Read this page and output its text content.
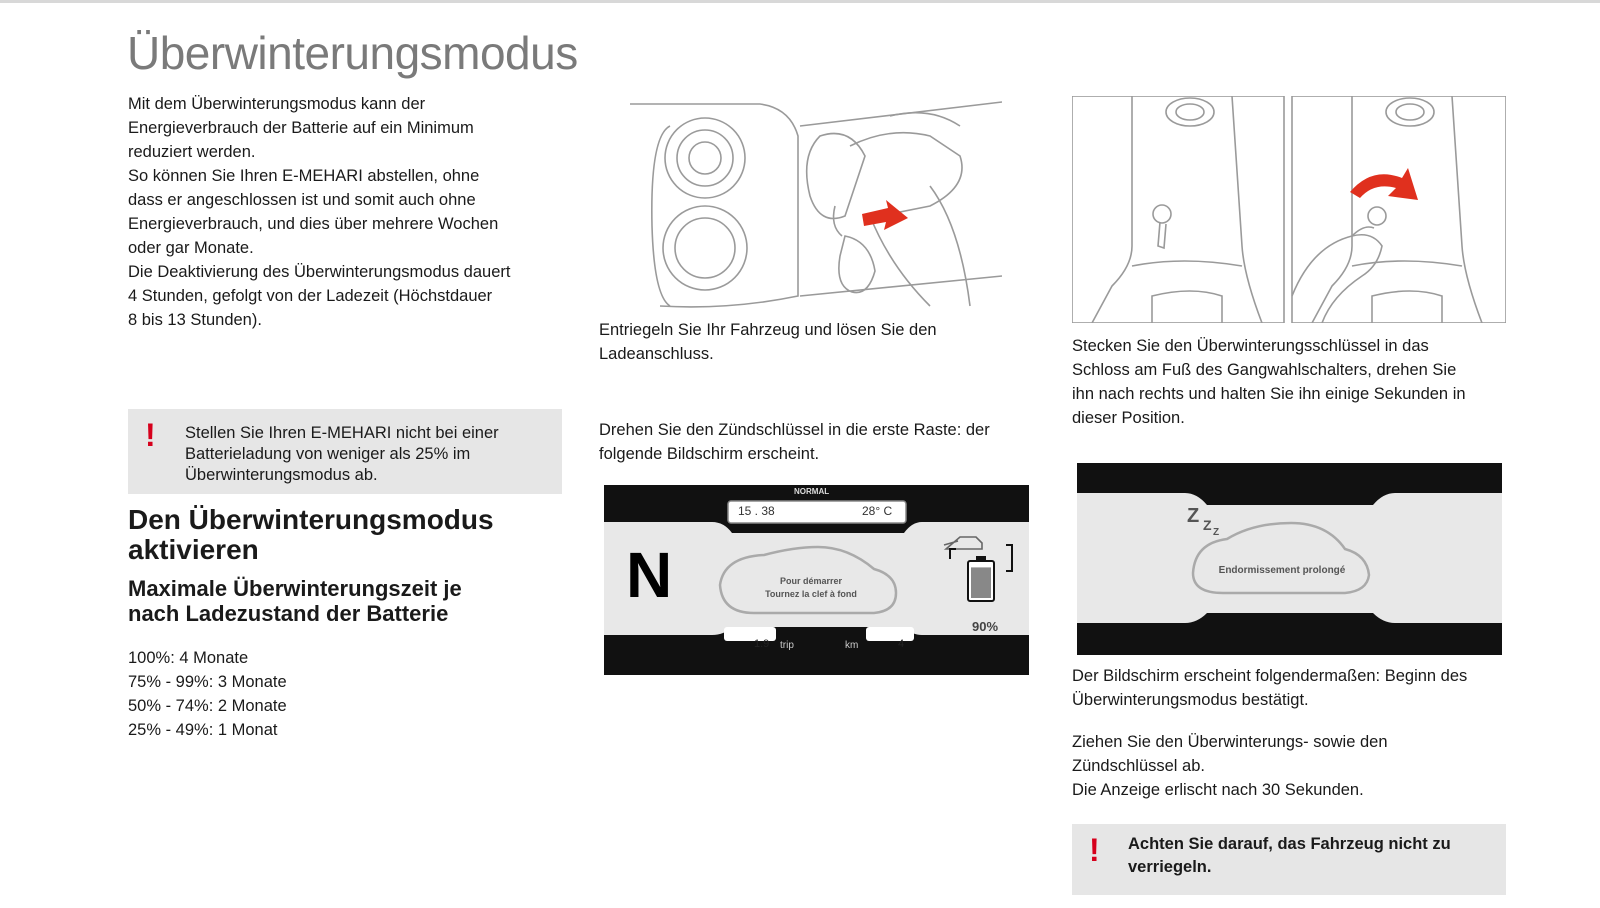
Überwinterungsmodus
Mit dem Überwinterungsmodus kann der
Energieverbrauch der Batterie auf ein Minimum
reduziert werden.
So können Sie Ihren E-MEHARI abstellen, ohne
dass er angeschlossen ist und somit auch ohne
Energieverbrauch, und dies über mehrere Wochen
oder gar Monate.
Die Deaktivierung des Überwinterungsmodus dauert
4 Stunden, gefolgt von der Ladezeit (Höchstdauer
8 bis 13 Stunden).
! Stellen Sie Ihren E-MEHARI nicht bei einer
Batterieladung von weniger als 25% im
Überwinterungsmodus ab.
Den Überwinterungsmodus
aktivieren
Maximale Überwinterungszeit je
nach Ladezustand der Batterie
100%: 4 Monate
75% - 99%: 3 Monate
50% - 74%: 2 Monate
25% - 49%: 1 Monat
Entriegeln Sie Ihr Fahrzeug und lösen Sie den
Ladeanschluss.
Drehen Sie den Zündschlüssel in die erste Raste: der
folgende Bildschirm erscheint.
NORMAL
15 . 38	28° C
N	Pour démarrer
Tournez la clef à fond
90%
1.9 trip	km	4
Stecken Sie den Überwinterungsschlüssel in das
Schloss am Fuß des Gangwahlschalters, drehen Sie
ihn nach rechts und halten Sie ihn einige Sekunden in
dieser Position.
Z Z Z
Endormissement prolongé
Der Bildschirm erscheint folgendermaßen: Beginn des
Überwinterungsmodus bestätigt.
Ziehen Sie den Überwinterungs- sowie den
Zündschlüssel ab.
Die Anzeige erlischt nach 30 Sekunden.
! Achten Sie darauf, das Fahrzeug nicht zu
verriegeln.
